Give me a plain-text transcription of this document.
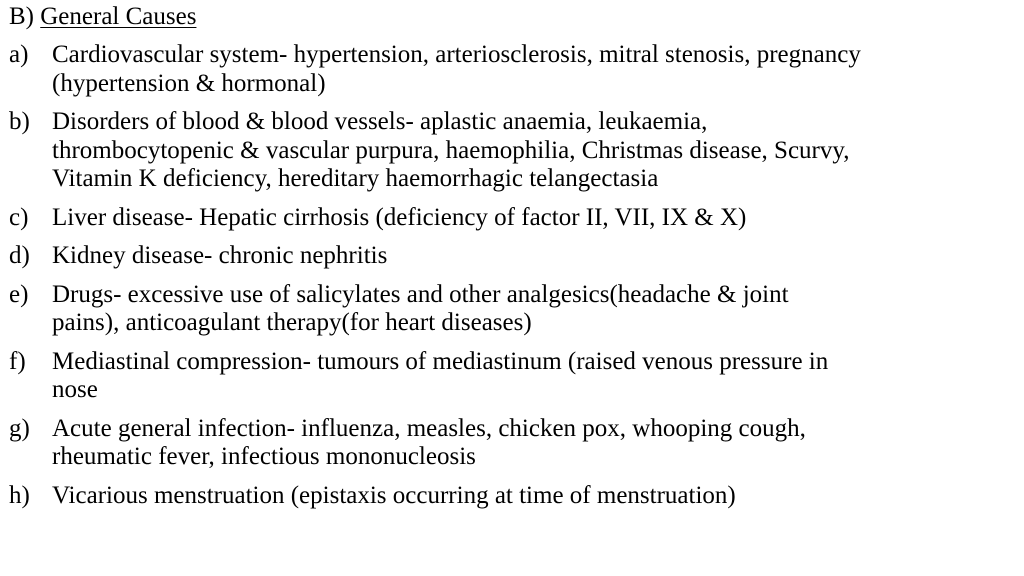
B) General Causes
a) Cardiovascular system- hypertension, arteriosclerosis, mitral stenosis, pregnancy
(hypertension & hormonal)
b) Disorders of blood & blood vessels- aplastic anaemia, leukaemia,
thrombocytopenic & vascular purpura, haemophilia, Christmas disease, Scurvy,
Vitamin K deficiency, hereditary haemorrhagic telangectasia
c) Liver disease- Hepatic cirrhosis (deficiency of factor II, VII, IX & X)
d) Kidney disease- chronic nephritis
e) Drugs- excessive use of salicylates and other analgesics(headache & joint
pains), anticoagulant therapy(for heart diseases)
f)	Mediastinal compression- tumours of mediastinum (raised venous pressure in
nose
g) Acute general infection- influenza, measles, chicken pox, whooping cough,
rheumatic fever, infectious mononucleosis
h) Vicarious menstruation (epistaxis occurring at time of menstruation)
